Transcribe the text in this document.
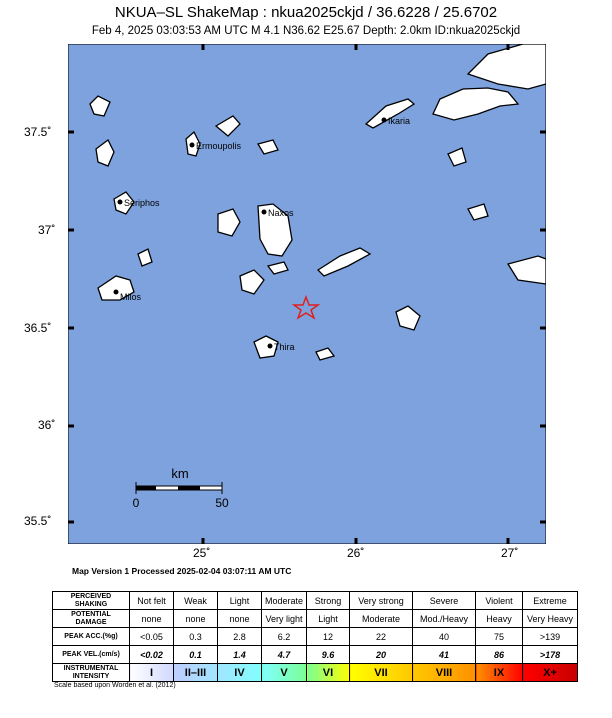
NKUA–SL ShakeMap : nkua2025ckjd / 36.6228 / 25.6702
Feb 4, 2025 03:03:53 AM UTC M 4.1 N36.62 E25.67 Depth: 2.0km ID:nkua2025ckjd
Ikaria
Ermoupolis
Seriphos
Naxos
Milos
Thira
km
0	50
37.5˚
37˚
36.5˚
36˚
35.5˚
25˚	26˚	27˚
Map Version 1 Processed 2025-02-04 03:07:11 AM UTC
PERCEIVED SHAKING	Not felt	Weak	Light	Moderate	Strong	Very strong	Severe	Violent	Extreme
POTENTIAL DAMAGE	none	none	none	Very light	Light	Moderate	Mod./Heavy	Heavy	Very Heavy
PEAK ACC.(%g)	<0.05	0.3	2.8	6.2	12	22	40	75	>139
PEAK VEL.(cm/s)	<0.02	0.1	1.4	4.7	9.6	20	41	86	>178
INSTRUMENTAL INTENSITY	I	II–III	IV	V	VI	VII	VIII	IX	X+
Scale based upon Worden et al. (2012)
